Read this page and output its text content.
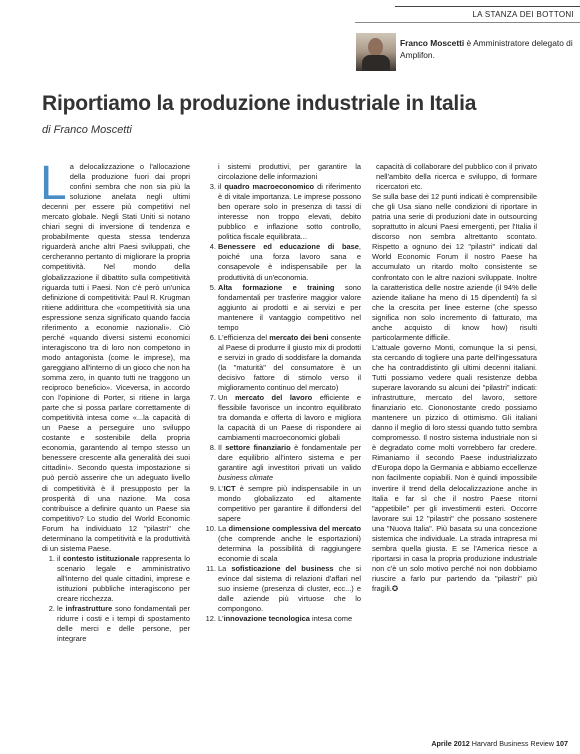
LA STANZA DEI BOTTONI
Franco Moscetti è Amministratore delegato di Amplifon.
Riportiamo la produzione industriale in Italia
di Franco Moscetti

La delocalizzazione o l'allocazione della produzione fuori dai propri confini sembra che non sia più la soluzione anelata negli ultimi decenni per essere più competitivi nel mercato globale. Negli Stati Uniti si notano chiari segni di inversione di tendenza e probabilmente questa stessa tendenza riguarderà anche altri Paesi sviluppati, che cercheranno pertanto di migliorare la propria competitività. Nel mondo della globalizzazione il dibattito sulla competitività riguarda tutti i Paesi. Non c'è però un'unica definizione di competitività: Paul R. Krugman ritiene addirittura che «competitività sia una espressione senza significato quando faccia riferimento a economie nazionali». Ciò perché «quando diversi sistemi economici interagiscono tra di loro non competono in modo antagonista (come le imprese), ma gareggiano all'interno di un gioco che non ha somma zero, in quanto tutti ne traggono un reciproco beneficio». Viceversa, in accordo con l'opinione di Porter, si ritiene in larga parte che si possa parlare correttamente di competitività intesa come «...la capacità di un Paese a perseguire uno sviluppo costante e sostenibile della propria economia, garantendo al tempo stesso un benessere crescente alla generalità dei suoi cittadini». Secondo questa impostazione si può perciò asserire che un adeguato livello di competitività è il presupposto per la prosperità di una nazione. Ma cosa contribuisce a definire quanto un Paese sia competitivo? Lo studio del World Economic Forum ha individuato 12 "pilastri" che determinano la competitività e la produttività di un sistema Paese.

1. il contesto istituzionale rappresenta lo scenario legale e amministrativo all'interno del quale cittadini, imprese e istituzioni pubbliche interagiscono per creare ricchezza.
2. le infrastrutture sono fondamentali per ridurre i costi e i tempi di spostamento delle merci e delle persone, per integrare

i sistemi produttivi, per garantire la circolazione delle informazioni

3. il quadro macroeconomico di riferimento è di vitale importanza. Le imprese possono ben operare solo in presenza di tassi di interesse non troppo elevati, debito pubblico e inflazione sotto controllo, politica fiscale equilibrata...
4. Benessere ed educazione di base, poiché una forza lavoro sana e consapevole è indispensabile per la produttività di un'economia.
5. Alta formazione e training sono fondamentali per trasferire maggior valore aggiunto ai prodotti e ai servizi e per mantenere il vantaggio competitivo nel tempo
6. L'efficienza del mercato dei beni consente al Paese di produrre il giusto mix di prodotti e servizi in grado di soddisfare la domanda (la "maturità" del consumatore è un decisivo fattore di stimolo verso il miglioramento continuo del mercato)
7. Un mercato del lavoro efficiente e flessibile favorisce un incontro equilibrato tra domanda e offerta di lavoro e migliora la capacità di un Paese di rispondere ai cambiamenti macroeconomici globali
8. Il settore finanziario è fondamentale per dare equilibrio all'intero sistema e per garantire agli investitori privati un valido business climate
9. L'ICT è sempre più indispensabile in un mondo globalizzato ed altamente competitivo per garantire il diffondersi del sapere
10. La dimensione complessiva del mercato (che comprende anche le esportazioni) determina la possibilità di raggiungere economie di scala
11. La sofisticazione del business che si evince dal sistema di relazioni d'affari nel suo insieme (presenza di cluster, ecc...) e dalle aziende più virtuose che lo compongono.
12. L'innovazione tecnologica intesa come

capacità di collaborare del pubblico con il privato nell'ambito della ricerca e sviluppo, di formare ricercatori etc.

Se sulla base dei 12 punti indicati è comprensibile che gli Usa siano nelle condizioni di riportare in patria una serie di produzioni date in outsourcing soprattutto in alcuni Paesi emergenti, per l'Italia il discorso non sembra altrettanto scontato. Rispetto a ognuno dei 12 "pilastri" indicati dal World Economic Forum il nostro Paese ha accumulato un ritardo molto consistente se confrontato con le altre nazioni sviluppate. Inoltre la caratteristica delle nostre aziende (il 94% delle aziende italiane ha meno di 15 dipendenti) fa sì che la crescita per linee esterne (che spesso significa non solo incremento di fatturato, ma anche acquisto di know how) risulti particolarmente difficile.

L'attuale governo Monti, comunque la si pensi, sta cercando di togliere una parte dell'ingessatura che ha contraddistinto gli ultimi decenni italiani. Tutti possiamo vedere quali resistenze debba superare lavorando su alcuni dei "pilastri" indicati: infrastrutture, mercato del lavoro, settore finanziario etc. Ciononostante credo possiamo mantenere un pizzico di ottimismo. Gli italiani danno il meglio di loro stessi quando tutto sembra compromesso. Il nostro sistema industriale non si è degradato come molti vorrebbero far credere. Rimaniamo il secondo Paese industrializzato d'Europa dopo la Germania e abbiamo eccellenze non facilmente copiabili. Non è quindi impossibile invertire il trend della delocalizzazione anche in Italia e far sì che il nostro Paese ritorni "appetibile" per gli investimenti esteri. Occorre lavorare sui 12 "pilastri" che possano sostenere una "Nuova Italia". Più basata su una concezione sistemica che individuale. La strada intrapresa mi sembra quella giusta. E se l'America riesce a riportarsi in casa la propria produzione industriale non c'è un solo motivo perché noi non dobbiamo riuscire a farlo pur partendo da "pilastri" più fragili.✪

Aprile 2012 Harvard Business Review 107
